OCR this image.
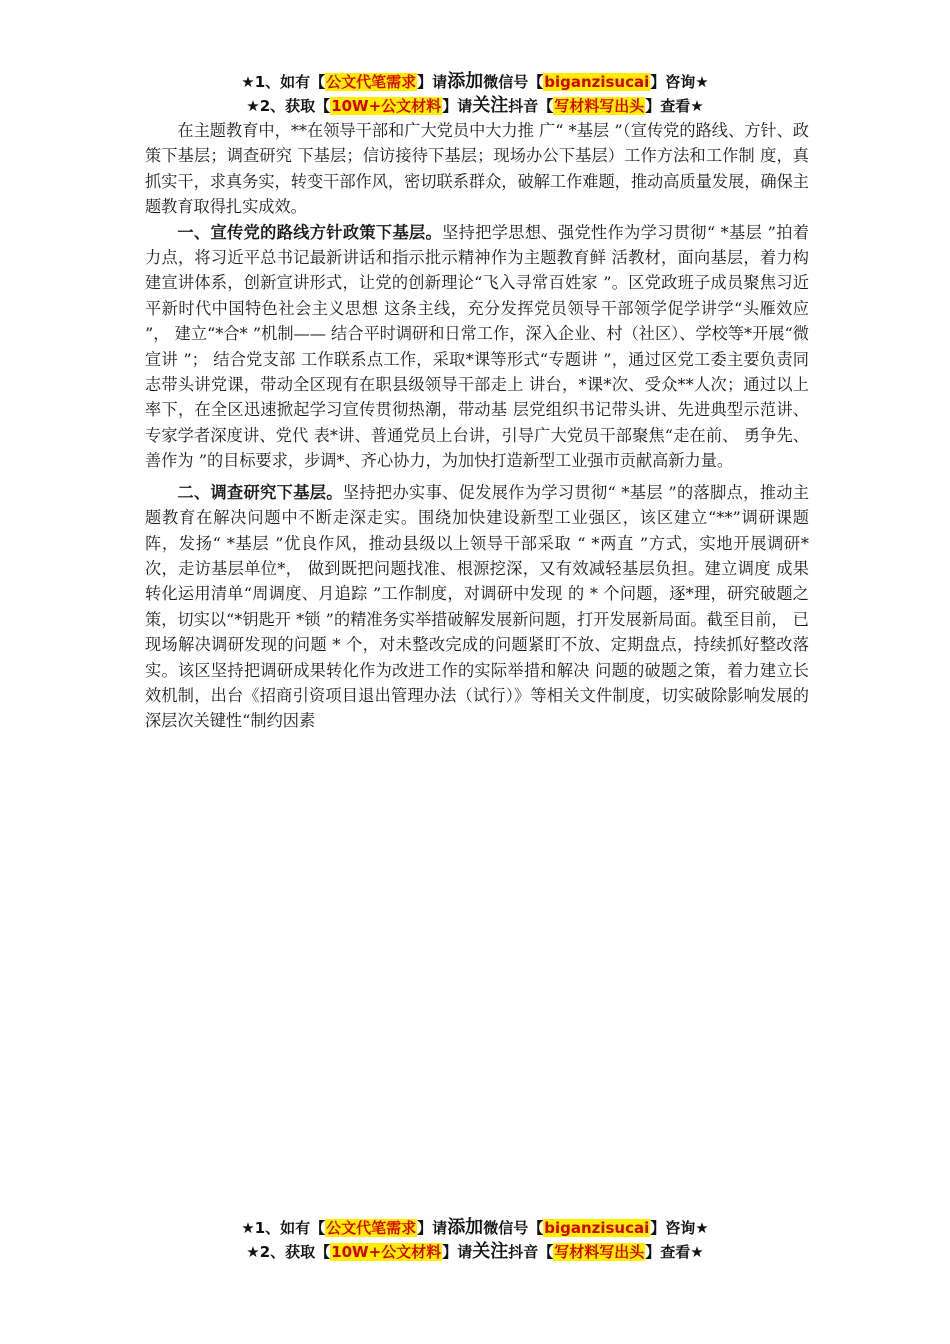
★1、如有【公文代笔需求】请添加微信号【biganzisucai】咨询★
★2、获取【10W+公文材料】请关注抖音【写材料写出头】查看★

在主题教育中，**在领导干部和广大党员中大力推 广“ *基层 ”（宣传党的路线、方针、政策下基层；调查研究 下基层；信访接待下基层；现场办公下基层）工作方法和工作制 度，真抓实干，求真务实，转变干部作风，密切联系群众，破解工作难题，推动高质量发展，确保主题教育取得扎实成效。

一、宣传党的路线方针政策下基层。坚持把学思想、强党性作为学习贯彻“ *基层 ”拍着 力点，将习近平总书记最新讲话和指示批示精神作为主题教育鲜 活教材，面向基层，着力构建宣讲体系，创新宣讲形式，让党的创新理论“飞入寻常百姓家 ”。区党政班子成员聚焦习近平新时代中国特色社会主义思想 这条主线，充分发挥党员领导干部领学促学讲学“头雁效应 ”， 建立“*合* ”机制—— 结合平时调研和日常工作，深入企业、村（社区）、学校等*开展“微宣讲 ”； 结合党支部 工作联系点工作，采取*课等形式“专题讲 ”，通过区党工委主要负责同志带头讲党课，带动全区现有在职县级领导干部走上 讲台，*课*次、受众**人次；通过以上率下，在全区迅速掀起学习宣传贯彻热潮，带动基 层党组织书记带头讲、先进典型示范讲、专家学者深度讲、党代 表*讲、普通党员上台讲，引导广大党员干部聚焦“走在前、 勇争先、善作为 ”的目标要求，步调*、齐心协力，为加快打造新型工业强市贡献高新力量。

二、调查研究下基层。坚持把办实事、促发展作为学习贯彻“ *基层 ”的落脚点，推动主题教育在解决问题中不断走深走实。围绕加快建设新型工业强区，该区建立“**”调研课题 阵，发扬“ *基层 ”优良作风，推动县级以上领导干部采取 “ *两直 ”方式，实地开展调研* 次，走访基层单位*， 做到既把问题找准、根源挖深，又有效减轻基层负担。建立调度 成果转化运用清单“周调度、月追踪 ”工作制度，对调研中发现 的 * 个问题，逐*理，研究破题之策，切实以“*钥匙开 *锁 ”的精准务实举措破解发展新问题，打开发展新局面。截至目前， 已现场解决调研发现的问题 * 个，对未整改完成的问题紧盯不放、定期盘点，持续抓好整改落实。该区坚持把调研成果转化作为改进工作的实际举措和解决 问题的破题之策，着力建立长效机制，出台《招商引资项目退出管理办法（试行）》等相关文件制度，切实破除影响发展的深层次关键性“制约因素

★1、如有【公文代笔需求】请添加微信号【biganzisucai】咨询★
★2、获取【10W+公文材料】请关注抖音【写材料写出头】查看★
